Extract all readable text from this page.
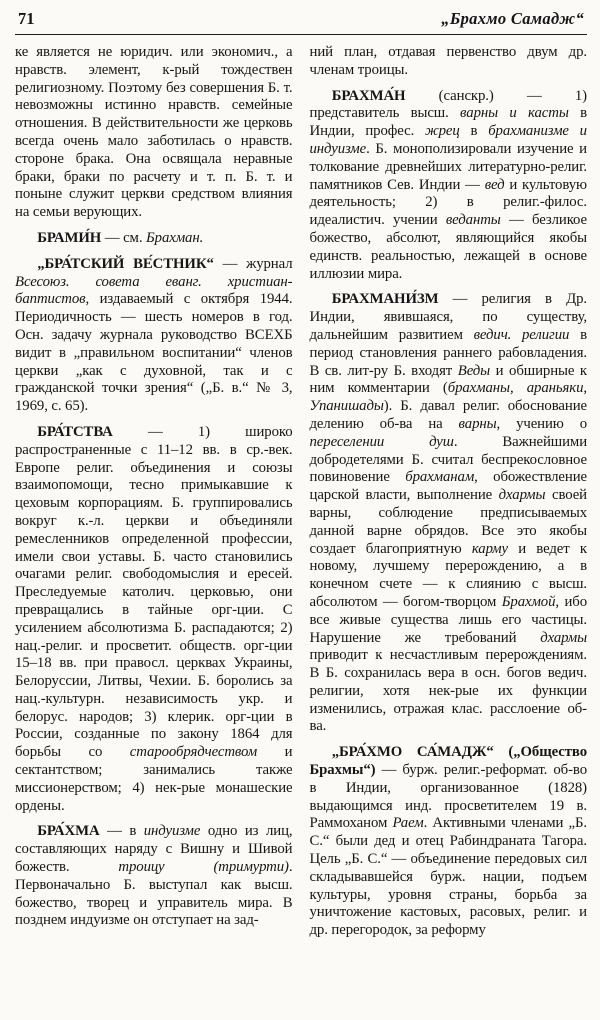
71	„Брахмо Самадж“

ке является не юридич. или экономич., а нравств. элемент, к-рый тождествен религиозному. Поэтому без совершения Б. т. невозможны истинно нравств. семейные отношения. В действительности же церковь всегда очень мало заботилась о нравств. стороне брака. Она освящала неравные браки, браки по расчету и т. п. Б. т. и поныне служит церкви средством влияния на семьи верующих.

БРАМИ́Н — см. Брахман.

„БРА́ТСКИЙ ВЕ́СТНИК“ — журнал Всесоюз. совета еванг. христиан-баптистов, издаваемый с октября 1944. Периодичность — шесть номеров в год. Осн. задачу журнала руководство ВСЕХБ видит в „правильном воспитании“ членов церкви „как с духовной, так и с гражданской точки зрения“ („Б. в.“ № 3, 1969, с. 65).

БРА́ТСТВА — 1) широко распространенные с 11–12 вв. в ср.-век. Европе религ. объединения и союзы взаимопомощи, тесно примыкавшие к цеховым корпорациям. Б. группировались вокруг к.-л. церкви и объединяли ремесленников определенной профессии, имели свои уставы. Б. часто становились очагами религ. свободомыслия и ересей. Преследуемые католич. церковью, они превращались в тайные орг-ции. С усилением абсолютизма Б. распадаются; 2) нац.-религ. и просветит. обществ. орг-ции 15–18 вв. при правосл. церквах Украины, Белоруссии, Литвы, Чехии. Б. боролись за нац.-культурн. независимость укр. и белорус. народов; 3) клерик. орг-ции в России, созданные по закону 1864 для борьбы со старообрядчеством и сектантством; занимались также миссионерством; 4) нек-рые монашеские ордены.

БРА́ХМА — в индуизме одно из лиц, составляющих наряду с Вишну и Шивой божеств. троицу (тримурти). Первоначально Б. выступал как высш. божество, творец и управитель мира. В позднем индуизме он отступает на зад-

ний план, отдавая первенство двум др. членам троицы.

БРАХМА́Н (санскр.) — 1) представитель высш. варны и касты в Индии, профес. жрец в брахманизме и индуизме. Б. монополизировали изучение и толкование древнейших литературно-религ. памятников Сев. Индии — вед и культовую деятельность; 2) в религ.-филос. идеалистич. учении веданты — безликое божество, абсолют, являющийся якобы единств. реальностью, лежащей в основе иллюзии мира.

БРАХМАНИ́ЗМ — религия в Др. Индии, явившаяся, по существу, дальнейшим развитием ведич. религии в период становления раннего рабовладения. В св. лит-ру Б. входят Веды и обширные к ним комментарии (брахманы, араньяки, Упанишады). Б. давал религ. обоснование делению об-ва на варны, учению о переселении душ. Важнейшими добродетелями Б. считал беспрекословное повиновение брахманам, обожествление царской власти, выполнение дхармы своей варны, соблюдение предписываемых данной варне обрядов. Все это якобы создает благоприятную карму и ведет к новому, лучшему перерождению, а в конечном счете — к слиянию с высш. абсолютом — богом-творцом Брахмой, ибо все живые существа лишь его частицы. Нарушение же требований дхармы приводит к несчастливым перерождениям. В Б. сохранилась вера в осн. богов ведич. религии, хотя нек-рые их функции изменились, отражая клас. расслоение об-ва.

„БРА́ХМО СА́МАДЖ“ („Общество Брахмы“) — бурж. религ.-реформат. об-во в Индии, организованное (1828) выдающимся инд. просветителем 19 в. Раммоханом Раем. Активными членами „Б. С.“ были дед и отец Рабиндраната Тагора. Цель „Б. С.“ — объединение передовых сил складывавшейся бурж. нации, подъем культуры, уровня страны, борьба за уничтожение кастовых, расовых, религ. и др. перегородок, за реформу
